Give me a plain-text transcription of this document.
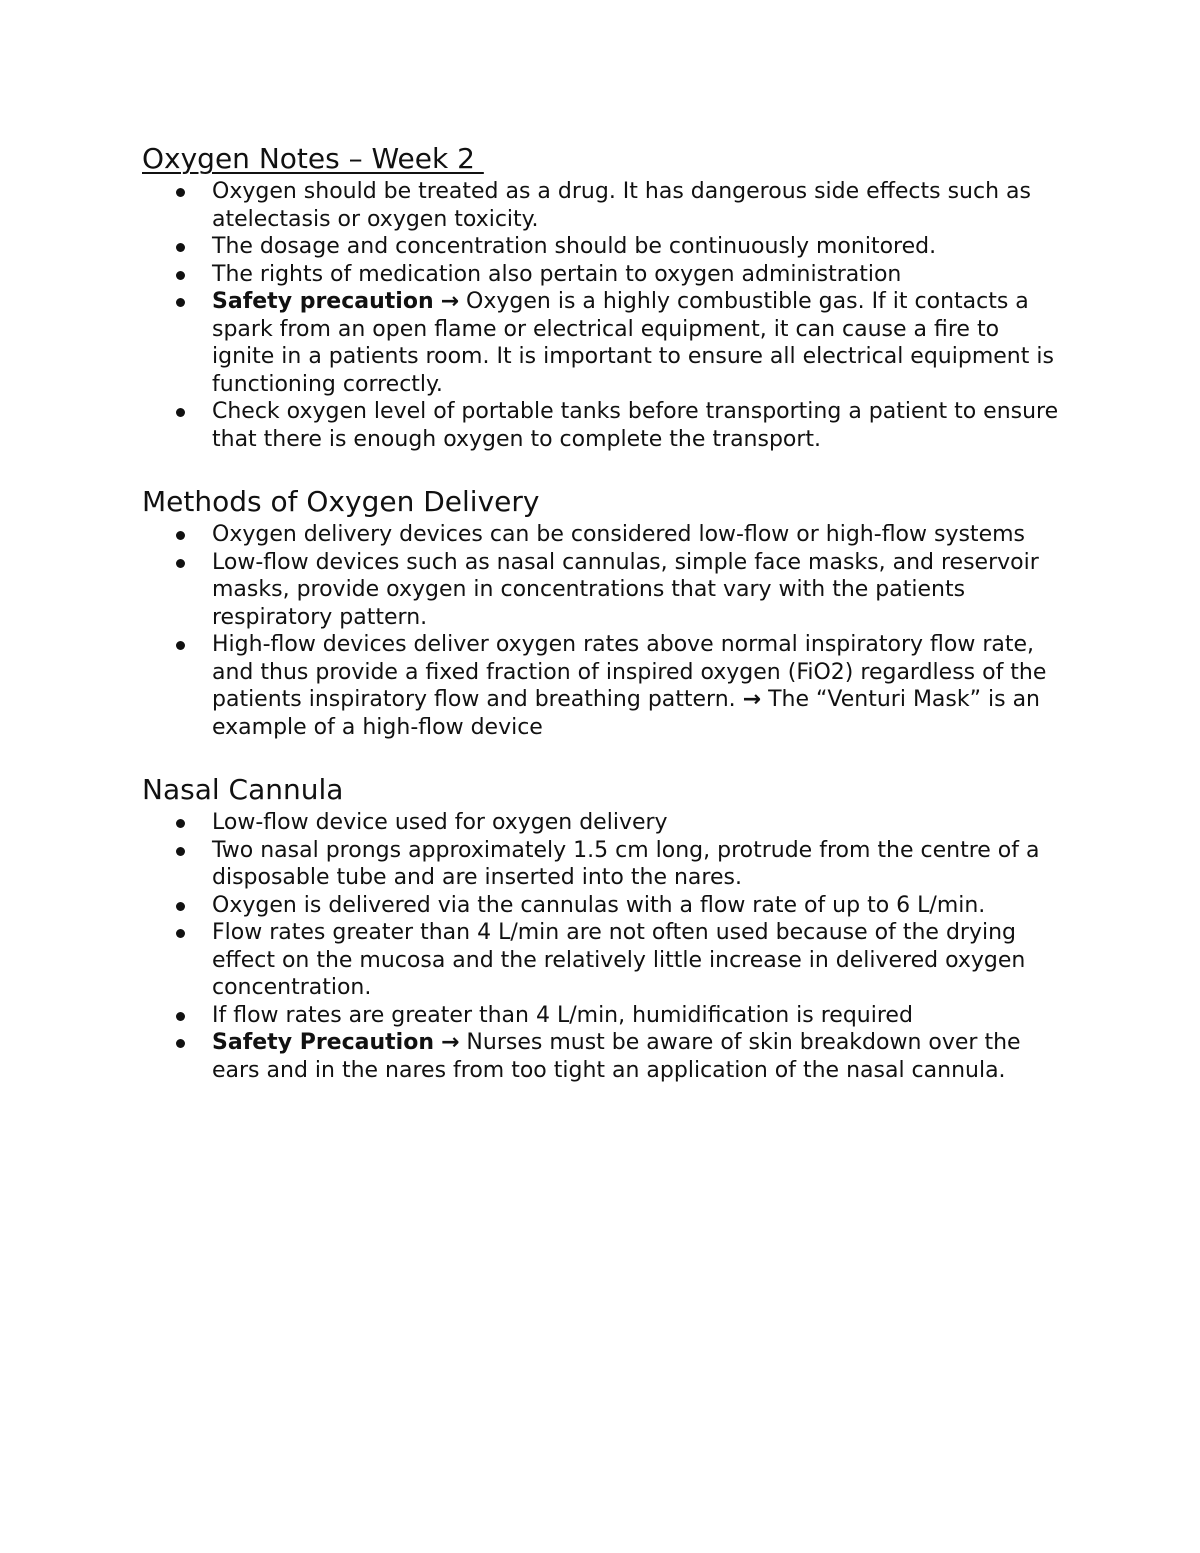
Oxygen Notes – Week 2
Oxygen should be treated as a drug. It has dangerous side effects such as atelectasis or oxygen toxicity.
The dosage and concentration should be continuously monitored.
The rights of medication also pertain to oxygen administration
Safety precaution → Oxygen is a highly combustible gas. If it contacts a spark from an open flame or electrical equipment, it can cause a fire to ignite in a patients room. It is important to ensure all electrical equipment is functioning correctly.
Check oxygen level of portable tanks before transporting a patient to ensure that there is enough oxygen to complete the transport.
Methods of Oxygen Delivery
Oxygen delivery devices can be considered low-flow or high-flow systems
Low-flow devices such as nasal cannulas, simple face masks, and reservoir masks, provide oxygen in concentrations that vary with the patients respiratory pattern.
High-flow devices deliver oxygen rates above normal inspiratory flow rate, and thus provide a fixed fraction of inspired oxygen (FiO2) regardless of the patients inspiratory flow and breathing pattern. → The “Venturi Mask” is an example of a high-flow device
Nasal Cannula
Low-flow device used for oxygen delivery
Two nasal prongs approximately 1.5 cm long, protrude from the centre of a disposable tube and are inserted into the nares.
Oxygen is delivered via the cannulas with a flow rate of up to 6 L/min.
Flow rates greater than 4 L/min are not often used because of the drying effect on the mucosa and the relatively little increase in delivered oxygen concentration.
If flow rates are greater than 4 L/min, humidification is required
Safety Precaution → Nurses must be aware of skin breakdown over the ears and in the nares from too tight an application of the nasal cannula.
